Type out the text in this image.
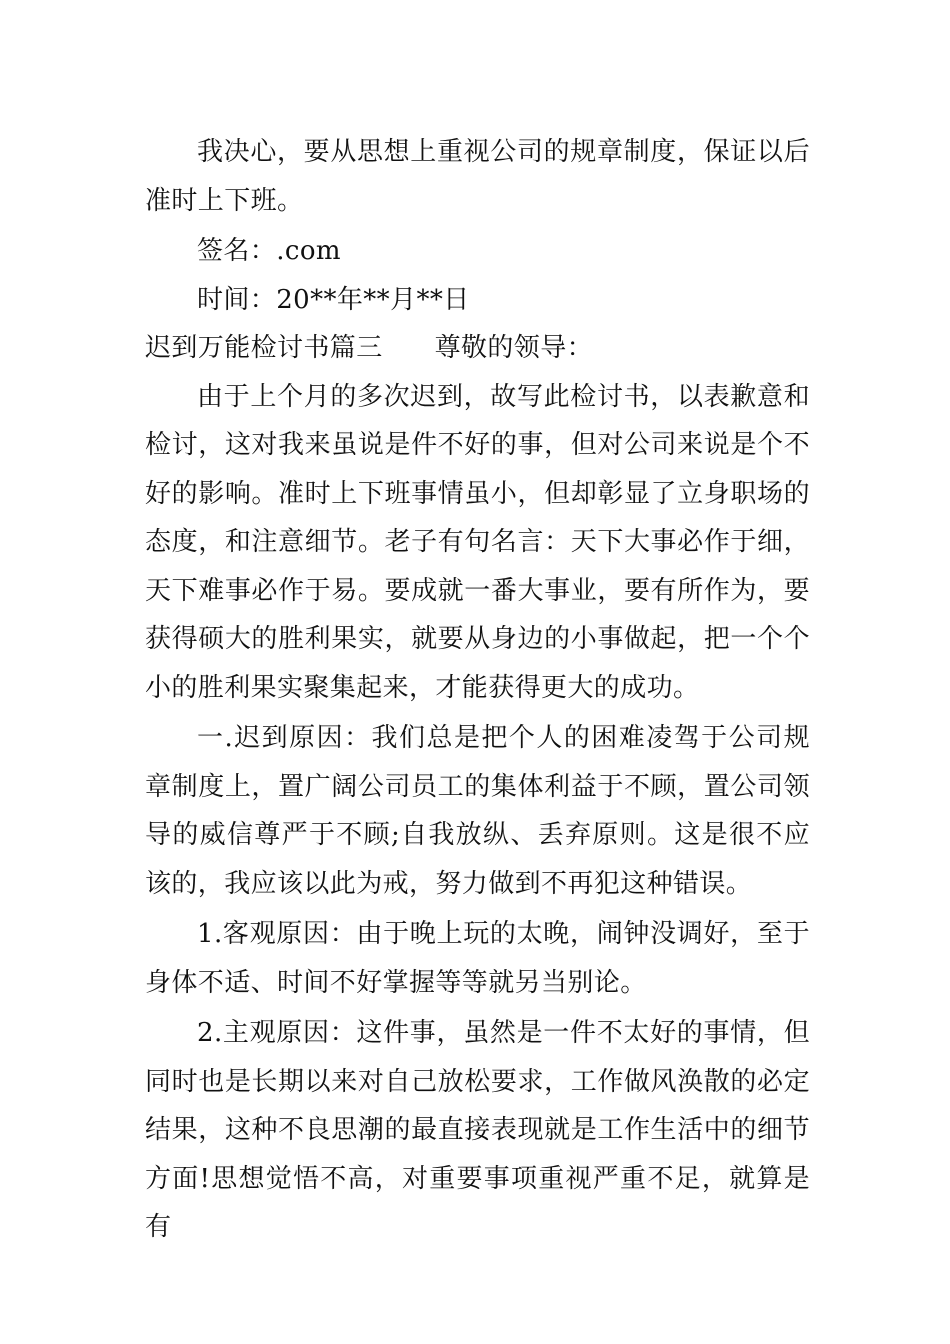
我决心，要从思想上重视公司的规章制度，保证以后准时上下班。

签名：.com

时间：20**年**月**日

迟到万能检讨书篇三 尊敬的领导：

由于上个月的多次迟到，故写此检讨书，以表歉意和检讨，这对我来虽说是件不好的事，但对公司来说是个不好的影响。准时上下班事情虽小，但却彰显了立身职场的态度，和注意细节。老子有句名言：天下大事必作于细，天下难事必作于易。要成就一番大事业，要有所作为，要获得硕大的胜利果实，就要从身边的小事做起，把一个个小的胜利果实聚集起来，才能获得更大的成功。

一.迟到原因：我们总是把个人的困难凌驾于公司规章制度上，置广阔公司员工的集体利益于不顾，置公司领导的威信尊严于不顾;自我放纵、丢弃原则。这是很不应该的，我应该以此为戒，努力做到不再犯这种错误。

1.客观原因：由于晚上玩的太晚，闹钟没调好，至于身体不适、时间不好掌握等等就另当别论。

2.主观原因：这件事，虽然是一件不太好的事情，但同时也是长期以来对自己放松要求，工作做风涣散的必定结果，这种不良思潮的最直接表现就是工作生活中的细节方面!思想觉悟不高，对重要事项重视严重不足，就算是有
